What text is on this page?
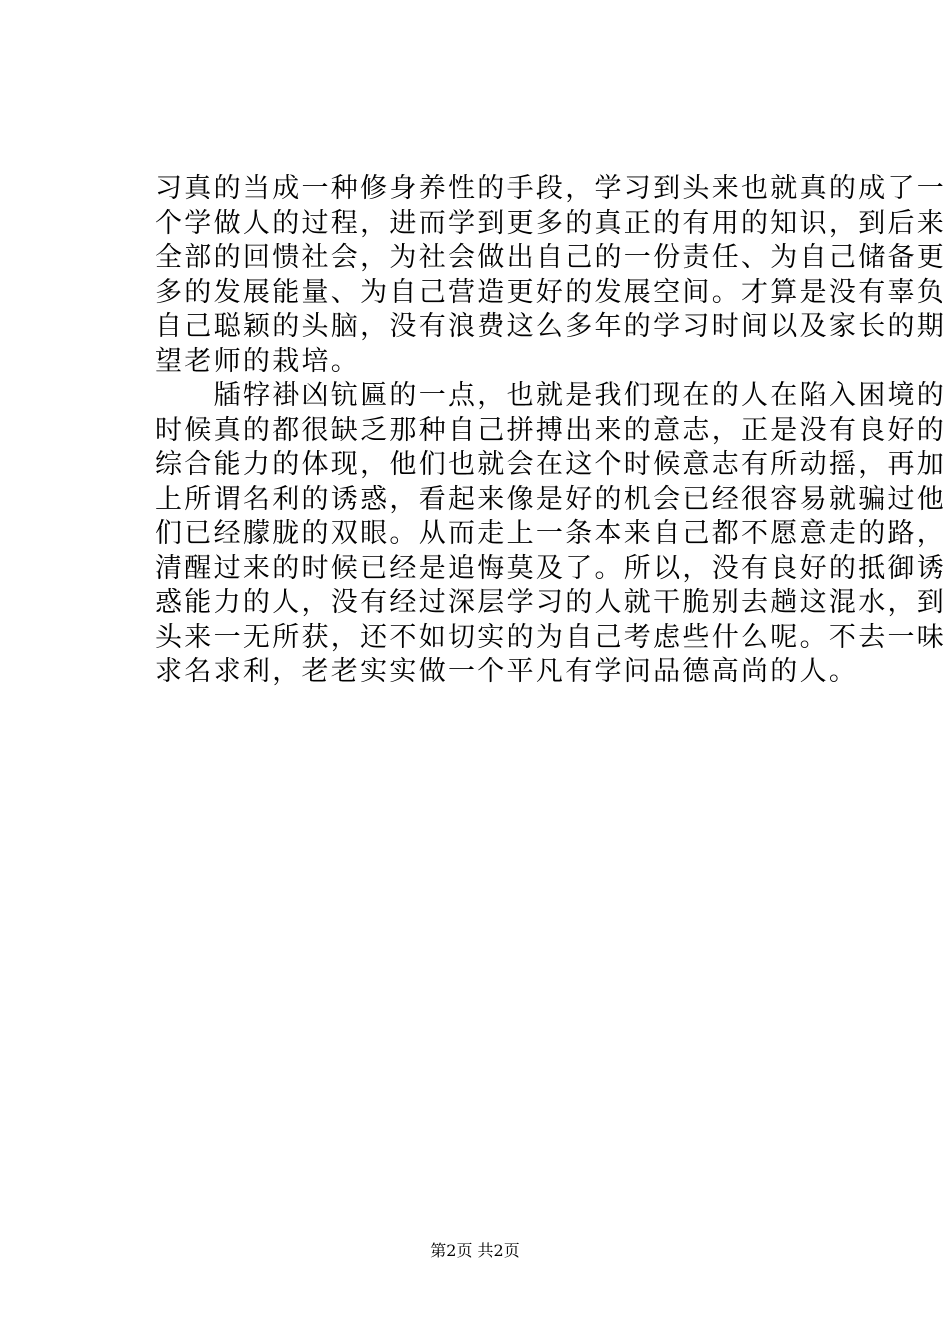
习真的当成一种修身养性的手段，学习到头来也就真的成了一
个学做人的过程，进而学到更多的真正的有用的知识，到后来
全部的回愦社会，为社会做出自己的一份责任、为自己储备更
多的发展能量、为自己营造更好的发展空间。才算是没有辜负
自己聪颖的头脑，没有浪费这么多年的学习时间以及家长的期
望老师的栽培。
　　牐牸褂凶钪匾的一点，也就是我们现在的人在陷入困境的
时候真的都很缺乏那种自己拼搏出来的意志，正是没有良好的
综合能力的体现，他们也就会在这个时候意志有所动摇，再加
上所谓名利的诱惑，看起来像是好的机会已经很容易就骗过他
们已经朦胧的双眼。从而走上一条本来自己都不愿意走的路，
清醒过来的时候已经是追悔莫及了。所以，没有良好的抵御诱
惑能力的人，没有经过深层学习的人就干脆别去趟这混水，到
头来一无所获，还不如切实的为自己考虑些什么呢。不去一味
求名求利，老老实实做一个平凡有学问品德高尚的人。
第2页 共2页
